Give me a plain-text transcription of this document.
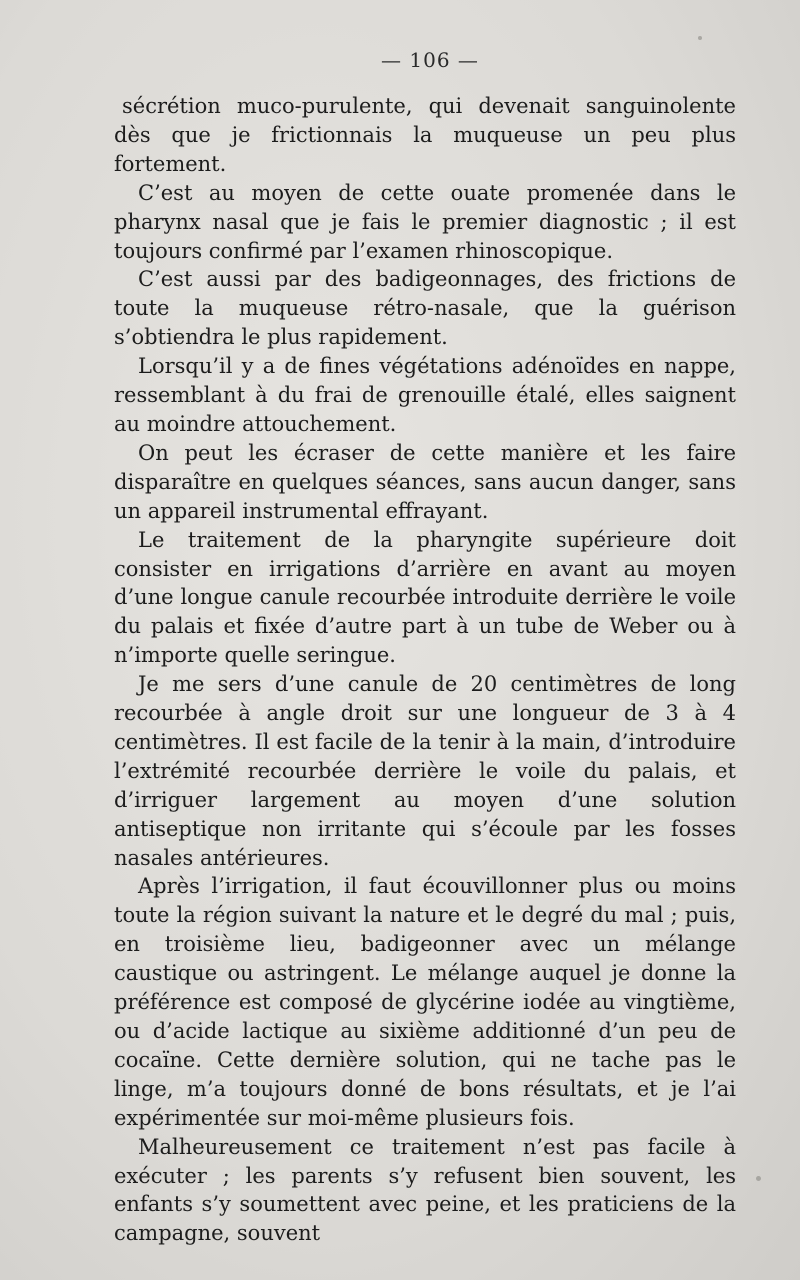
— 106 —

sécrétion muco-purulente, qui devenait sanguinolente dès que je frictionnais la muqueuse un peu plus fortement.

C’est au moyen de cette ouate promenée dans le pharynx nasal que je fais le premier diagnostic ; il est toujours confirmé par l’examen rhinoscopique.

C’est aussi par des badigeonnages, des frictions de toute la muqueuse rétro-nasale, que la guérison s’obtiendra le plus rapidement.

Lorsqu’il y a de fines végétations adénoïdes en nappe, ressemblant à du frai de grenouille étalé, elles saignent au moindre attouchement.

On peut les écraser de cette manière et les faire disparaître en quelques séances, sans aucun danger, sans un appareil instrumental effrayant.

Le traitement de la pharyngite supérieure doit consister en irrigations d’arrière en avant au moyen d’une longue canule recourbée introduite derrière le voile du palais et fixée d’autre part à un tube de Weber ou à n’importe quelle seringue.

Je me sers d’une canule de 20 centimètres de long recourbée à angle droit sur une longueur de 3 à 4 centimètres. Il est facile de la tenir à la main, d’introduire l’extrémité recourbée derrière le voile du palais, et d’irriguer largement au moyen d’une solution antiseptique non irritante qui s’écoule par les fosses nasales antérieures.

Après l’irrigation, il faut écouvillonner plus ou moins toute la région suivant la nature et le degré du mal ; puis, en troisième lieu, badigeonner avec un mélange caustique ou astringent. Le mélange auquel je donne la préférence est composé de glycérine iodée au vingtième, ou d’acide lactique au sixième additionné d’un peu de cocaïne. Cette dernière solution, qui ne tache pas le linge, m’a toujours donné de bons résultats, et je l’ai expérimentée sur moi-même plusieurs fois.

Malheureusement ce traitement n’est pas facile à exécuter ; les parents s’y refusent bien souvent, les enfants s’y soumettent avec peine, et les praticiens de la campagne, souvent
